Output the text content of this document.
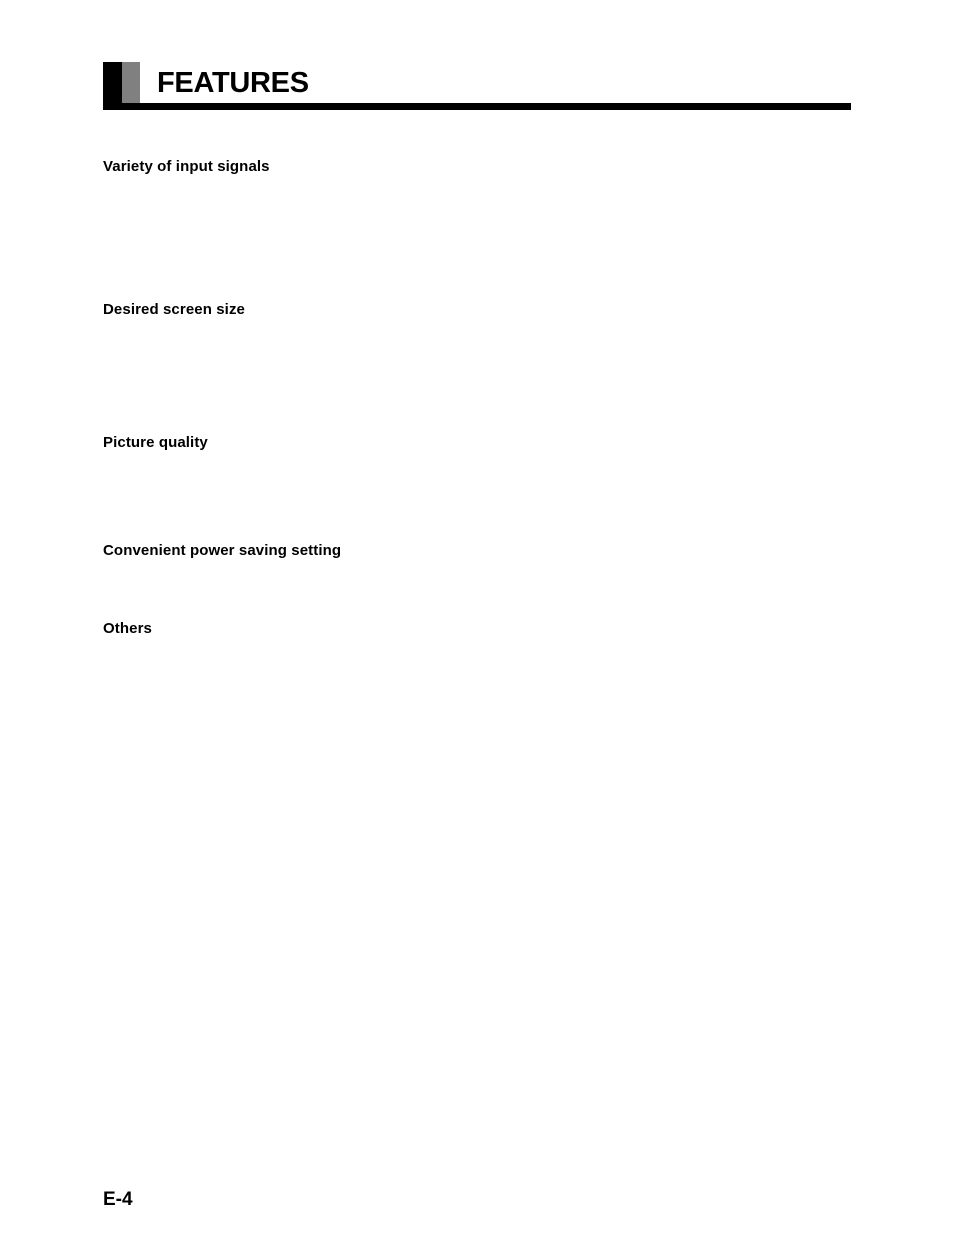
FEATURES
Variety of input signals
Desired screen size
Picture quality
Convenient power saving setting
Others
E-4
